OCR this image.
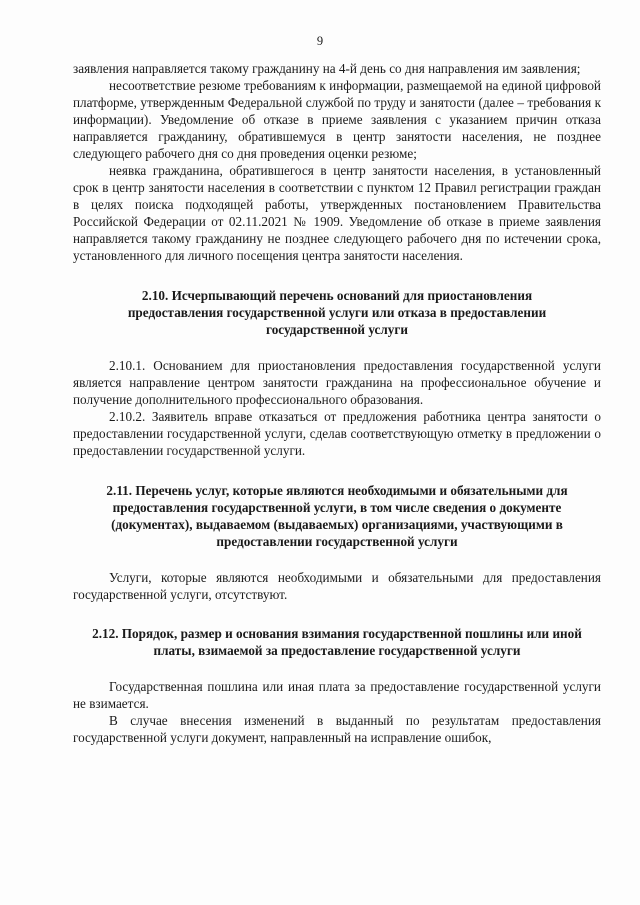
9

заявления направляется такому гражданину на 4-й день со дня направления им заявления;

несоответствие резюме требованиям к информации, размещаемой на единой цифровой платформе, утвержденным Федеральной службой по труду и занятости (далее – требования к информации). Уведомление об отказе в приеме заявления с указанием причин отказа направляется гражданину, обратившемуся в центр занятости населения, не позднее следующего рабочего дня со дня проведения оценки резюме;

неявка гражданина, обратившегося в центр занятости населения, в установленный срок в центр занятости населения в соответствии с пунктом 12 Правил регистрации граждан в целях поиска подходящей работы, утвержденных постановлением Правительства Российской Федерации от 02.11.2021 № 1909. Уведомление об отказе в приеме заявления направляется такому гражданину не позднее следующего рабочего дня по истечении срока, установленного для личного посещения центра занятости населения.

2.10. Исчерпывающий перечень оснований для приостановления предоставления государственной услуги или отказа в предоставлении государственной услуги

2.10.1. Основанием для приостановления предоставления государственной услуги является направление центром занятости гражданина на профессиональное обучение и получение дополнительного профессионального образования.

2.10.2. Заявитель вправе отказаться от предложения работника центра занятости о предоставлении государственной услуги, сделав соответствующую отметку в предложении о предоставлении государственной услуги.

2.11. Перечень услуг, которые являются необходимыми и обязательными для предоставления государственной услуги, в том числе сведения о документе (документах), выдаваемом (выдаваемых) организациями, участвующими в предоставлении государственной услуги

Услуги, которые являются необходимыми и обязательными для предоставления государственной услуги, отсутствуют.

2.12. Порядок, размер и основания взимания государственной пошлины или иной платы, взимаемой за предоставление государственной услуги

Государственная пошлина или иная плата за предоставление государственной услуги не взимается.

В случае внесения изменений в выданный по результатам предоставления государственной услуги документ, направленный на исправление ошибок,
